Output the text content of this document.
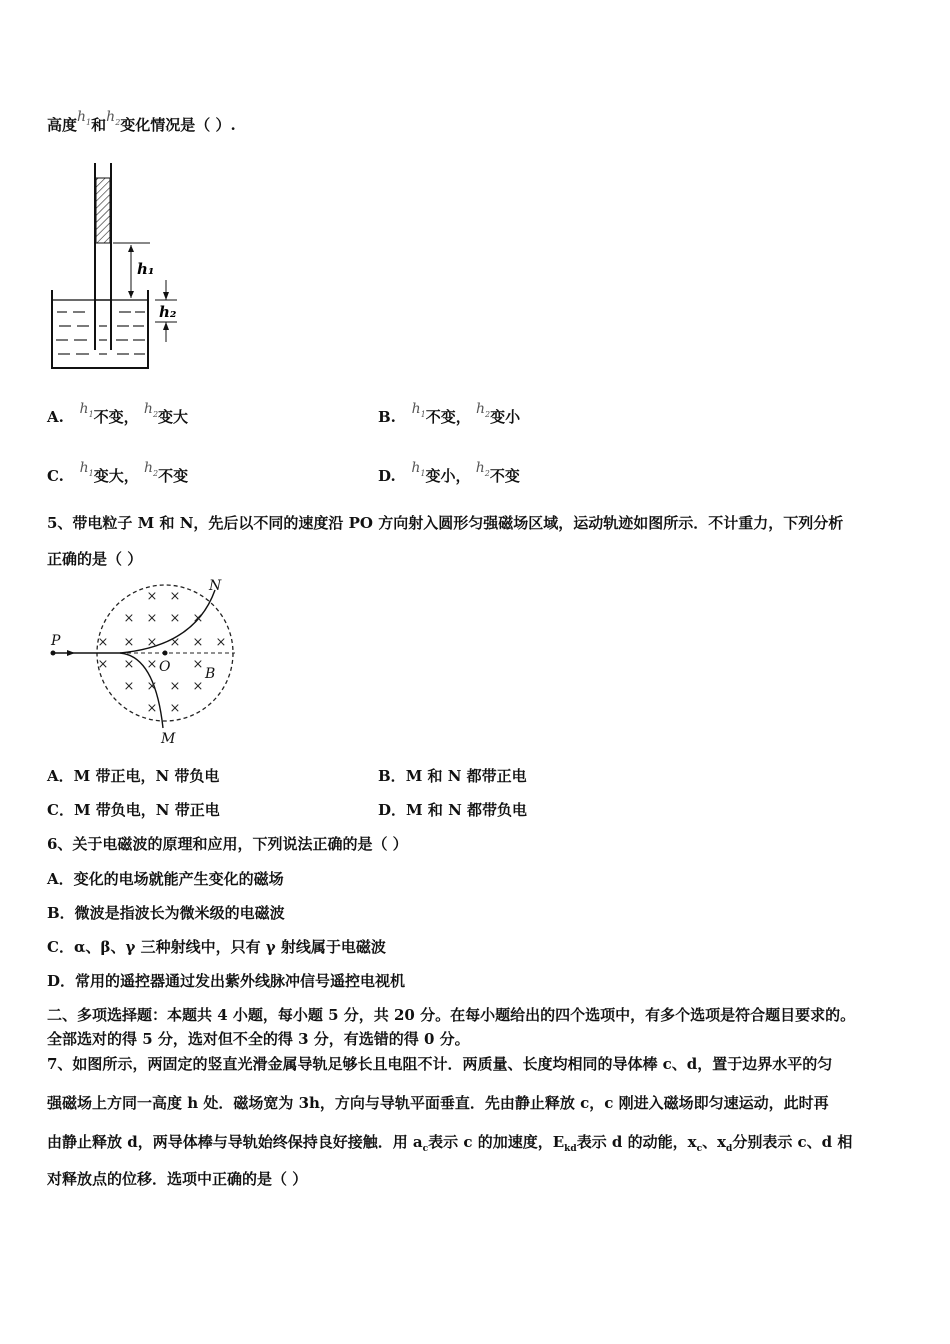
高度$h_1$和$h_2$变化情况是（ ）.
h₁
h₂
A. $h_1$不变， $h_2$变大	B. $h_1$不变， $h_2$变小
C. $h_1$变大， $h_2$不变	D. $h_1$变小， $h_2$不变
5、带电粒子 M 和 N，先后以不同的速度沿 PO 方向射入圆形匀强磁场区域，运动轨迹如图所示．不计重力，下列分析
正确的是（ ）
× ×
× × × ×
× × × × × ×
× × ×	×
× × × ×
× ×
P
O B
N
M
A．M 带正电，N 带负电	B．M 和 N 都带正电
C．M 带负电，N 带正电	D．M 和 N 都带负电
6、关于电磁波的原理和应用，下列说法正确的是（ ）
A．变化的电场就能产生变化的磁场
B．微波是指波长为微米级的电磁波
C．α、β、γ 三种射线中，只有 γ 射线属于电磁波
D．常用的遥控器通过发出紫外线脉冲信号遥控电视机
二、多项选择题：本题共 4 小题，每小题 5 分，共 20 分。在每小题给出的四个选项中，有多个选项是符合题目要求的。
全部选对的得 5 分，选对但不全的得 3 分，有选错的得 0 分。
7、如图所示，两固定的竖直光滑金属导轨足够长且电阻不计．两质量、长度均相同的导体棒 c、d，置于边界水平的匀
强磁场上方同一高度 h 处．磁场宽为 3h，方向与导轨平面垂直．先由静止释放 c，c 刚进入磁场即匀速运动，此时再
由静止释放 d，两导体棒与导轨始终保持良好接触．用 $a_c$表示 c 的加速度，$E_{kd}$表示 d 的动能，$x_c$、$x_d$分别表示 c、d 相
对释放点的位移．选项中正确的是（ ）
